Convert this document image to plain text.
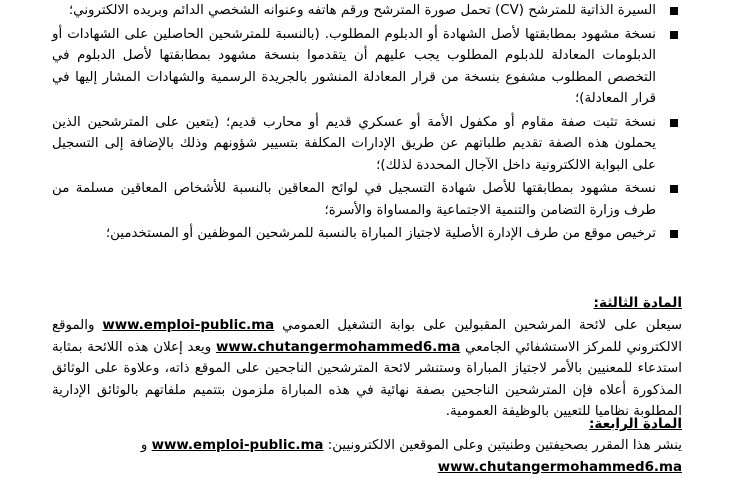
السيرة الذاتية للمترشح (CV) تحمل صورة المترشح ورقم هاتفه وعنوانه الشخصي الدائم وبريده الالكتروني؛
نسخة مشهود بمطابقتها لأصل الشهادة أو الدبلوم المطلوب. (بالنسبة للمترشحين الحاصلين على الشهادات أو الدبلومات المعادلة للدبلوم المطلوب يجب عليهم أن يتقدموا بنسخة مشهود بمطابقتها لأصل الدبلوم في التخصص المطلوب مشفوع بنسخة من قرار المعادلة المنشور بالجريدة الرسمية والشهادات المشار إليها في قرار المعادلة)؛
نسخة تثبت صفة مقاوم أو مكفول الأمة أو عسكري قديم أو محارب قديم؛ (يتعين على المترشحين الذين يحملون هذه الصفة تقديم طلباتهم عن طريق الإدارات المكلفة بتسيير شؤونهم وذلك بالإضافة إلى التسجيل على البوابة الالكترونية داخل الآجال المحددة لذلك)؛
نسخة مشهود بمطابقتها للأصل شهادة التسجيل في لوائح المعاقين بالنسبة للأشخاص المعاقين مسلمة من طرف وزارة التضامن والتنمية الاجتماعية والمساواة والأسرة؛
ترخيص موقع من طرف الإدارة الأصلية لاجتياز المباراة بالنسبة للمرشحين الموظفين أو المستخدمين؛
المادة الثالثة:

سيعلن على لائحة المرشحين المقبولين على بوابة التشغيل العمومي www.emploi-public.ma والموقع الالكتروني للمركز الاستشفائي الجامعي www.chutangermohammed6.ma ويعد إعلان هذه اللائحة بمثابة استدعاء للمعنيين بالأمر لاجتياز المباراة وستنشر لائحة المترشحين الناجحين على الموقع ذاته، وعلاوة على الوثائق المذكورة أعلاه فإن المترشحين الناجحين بصفة نهائية في هذه المباراة ملزمون بتتميم ملفاتهم بالوثائق الإدارية المطلوبة نظاميا للتعيين بالوظيفة العمومية.

المادة الرابعة:

ينشر هذا المقرر بصحيفتين وطنيتين وعلى الموقعين الالكترونيين: www.emploi-public.ma و
www.chutangermohammed6.ma
